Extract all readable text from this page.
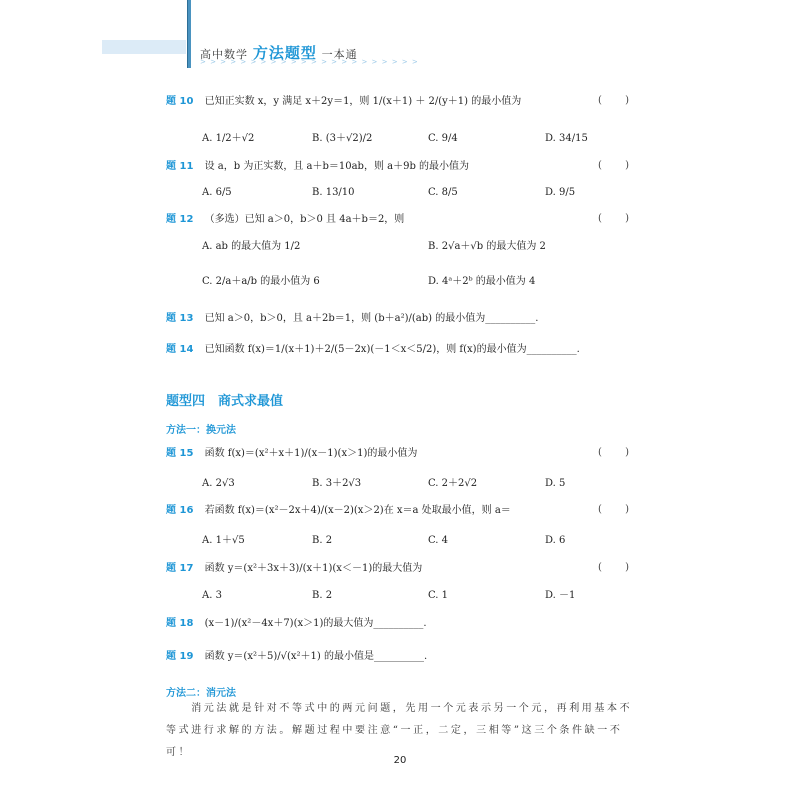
高中数学 方法题型 一本通
> > > > > > > > > > > > > > > > > > > > > >
题 10 已知正实数 x，y 满足 x＋2y＝1，则 1/(x＋1) ＋ 2/(y＋1) 的最小值为	( )
A. 1/2＋√2	B. (3＋√2)/2	C. 9/4	D. 34/15
题 11 设 a，b 为正实数，且 a＋b＝10ab，则 a＋9b 的最小值为	( )
A. 6/5	B. 13/10	C. 8/5	D. 9/5
题 12 （多选）已知 a＞0，b＞0 且 4a＋b＝2，则	( )
A. ab 的最大值为 1/2	B. 2√a＋√b 的最大值为 2
C. 2/a＋a/b 的最小值为 6	D. 4ᵃ＋2ᵇ 的最小值为 4
题 13 已知 a＞0，b＞0，且 a＋2b＝1，则 (b＋a²)/(ab) 的最小值为__________.
题 14 已知函数 f(x)＝1/(x＋1)＋2/(5－2x)(－1＜x＜5/2)，则 f(x)的最小值为__________.
题型四　商式求最值
方法一：换元法
题 15 函数 f(x)＝(x²＋x＋1)/(x－1)(x＞1)的最小值为	( )
A. 2√3	B. 3＋2√3	C. 2＋2√2	D. 5
题 16 若函数 f(x)＝(x²－2x＋4)/(x－2)(x＞2)在 x＝a 处取最小值，则 a＝	( )
A. 1＋√5	B. 2	C. 4	D. 6
题 17 函数 y＝(x²＋3x＋3)/(x＋1)(x＜－1)的最大值为	( )
A. 3	B. 2	C. 1	D. －1
题 18 (x－1)/(x²－4x＋7)(x＞1)的最大值为__________.
题 19 函数 y＝(x²＋5)/√(x²＋1) 的最小值是__________.
方法二：消元法
　　消元法就是针对不等式中的两元问题，先用一个元表示另一个元，再利用基本不等式进行求解的方法。解题过程中要注意“一正，二定，三相等”这三个条件缺一不可！
20
